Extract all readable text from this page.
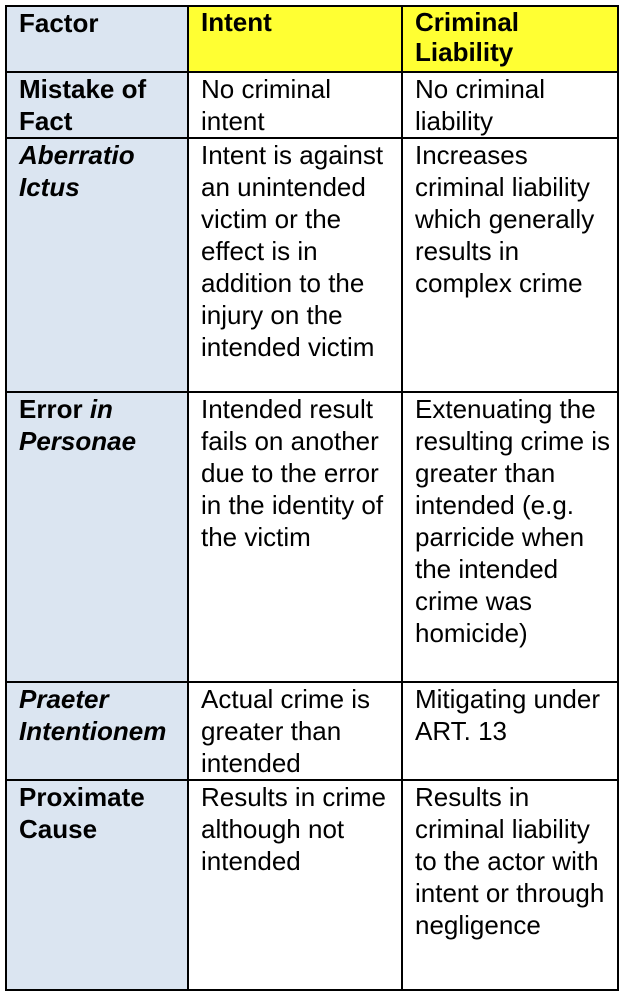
Factor	Intent	Criminal Liability
Mistake of Fact	No criminal intent	No criminal liability
Aberratio Ictus	Intent is against an unintended victim or the effect is in addition to the injury on the intended victim	Increases criminal liability which generally results in complex crime
Error in Personae	Intended result fails on another due to the error in the identity of the victim	Extenuating the resulting crime is greater than intended (e.g. parricide when the intended crime was homicide)
Praeter Intentionem	Actual crime is greater than intended	Mitigating under ART. 13
Proximate Cause	Results in crime although not intended	Results in criminal liability to the actor with intent or through negligence
